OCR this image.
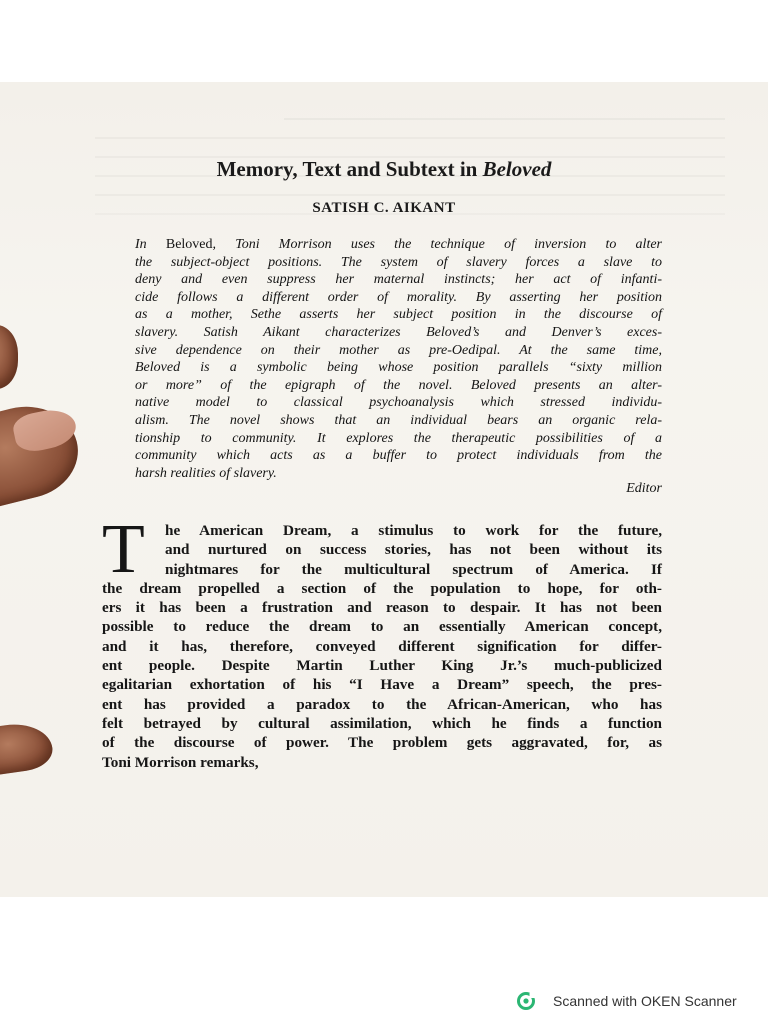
Memory, Text and Subtext in Beloved
SATISH C. AIKANT
In Beloved, Toni Morrison uses the technique of inversion to alter
the subject-object positions. The system of slavery forces a slave to
deny and even suppress her maternal instincts; her act of infanti-
cide follows a different order of morality. By asserting her position
as a mother, Sethe asserts her subject position in the discourse of
slavery. Satish Aikant characterizes Beloved’s and Denver’s exces-
sive dependence on their mother as pre-Oedipal. At the same time,
Beloved is a symbolic being whose position parallels “sixty million
or more” of the epigraph of the novel. Beloved presents an alter-
native model to classical psychoanalysis which stressed individu-
alism. The novel shows that an individual bears an organic rela-
tionship to community. It explores the therapeutic possibilities of a
community which acts as a buffer to protect individuals from the
harsh realities of slavery.
Editor
T	he American Dream, a stimulus to work for the future,
and nurtured on success stories, has not been without its
nightmares for the multicultural spectrum of America. If
the dream propelled a section of the population to hope, for oth-
ers it has been a frustration and reason to despair. It has not been
possible to reduce the dream to an essentially American concept,
and it has, therefore, conveyed different signification for differ-
ent people. Despite Martin Luther King Jr.’s much-publicized
egalitarian exhortation of his “I Have a Dream” speech, the pres-
ent has provided a paradox to the African-American, who has
felt betrayed by cultural assimilation, which he finds a function
of the discourse of power. The problem gets aggravated, for, as
Toni Morrison remarks,
Scanned with OKEN Scanner
